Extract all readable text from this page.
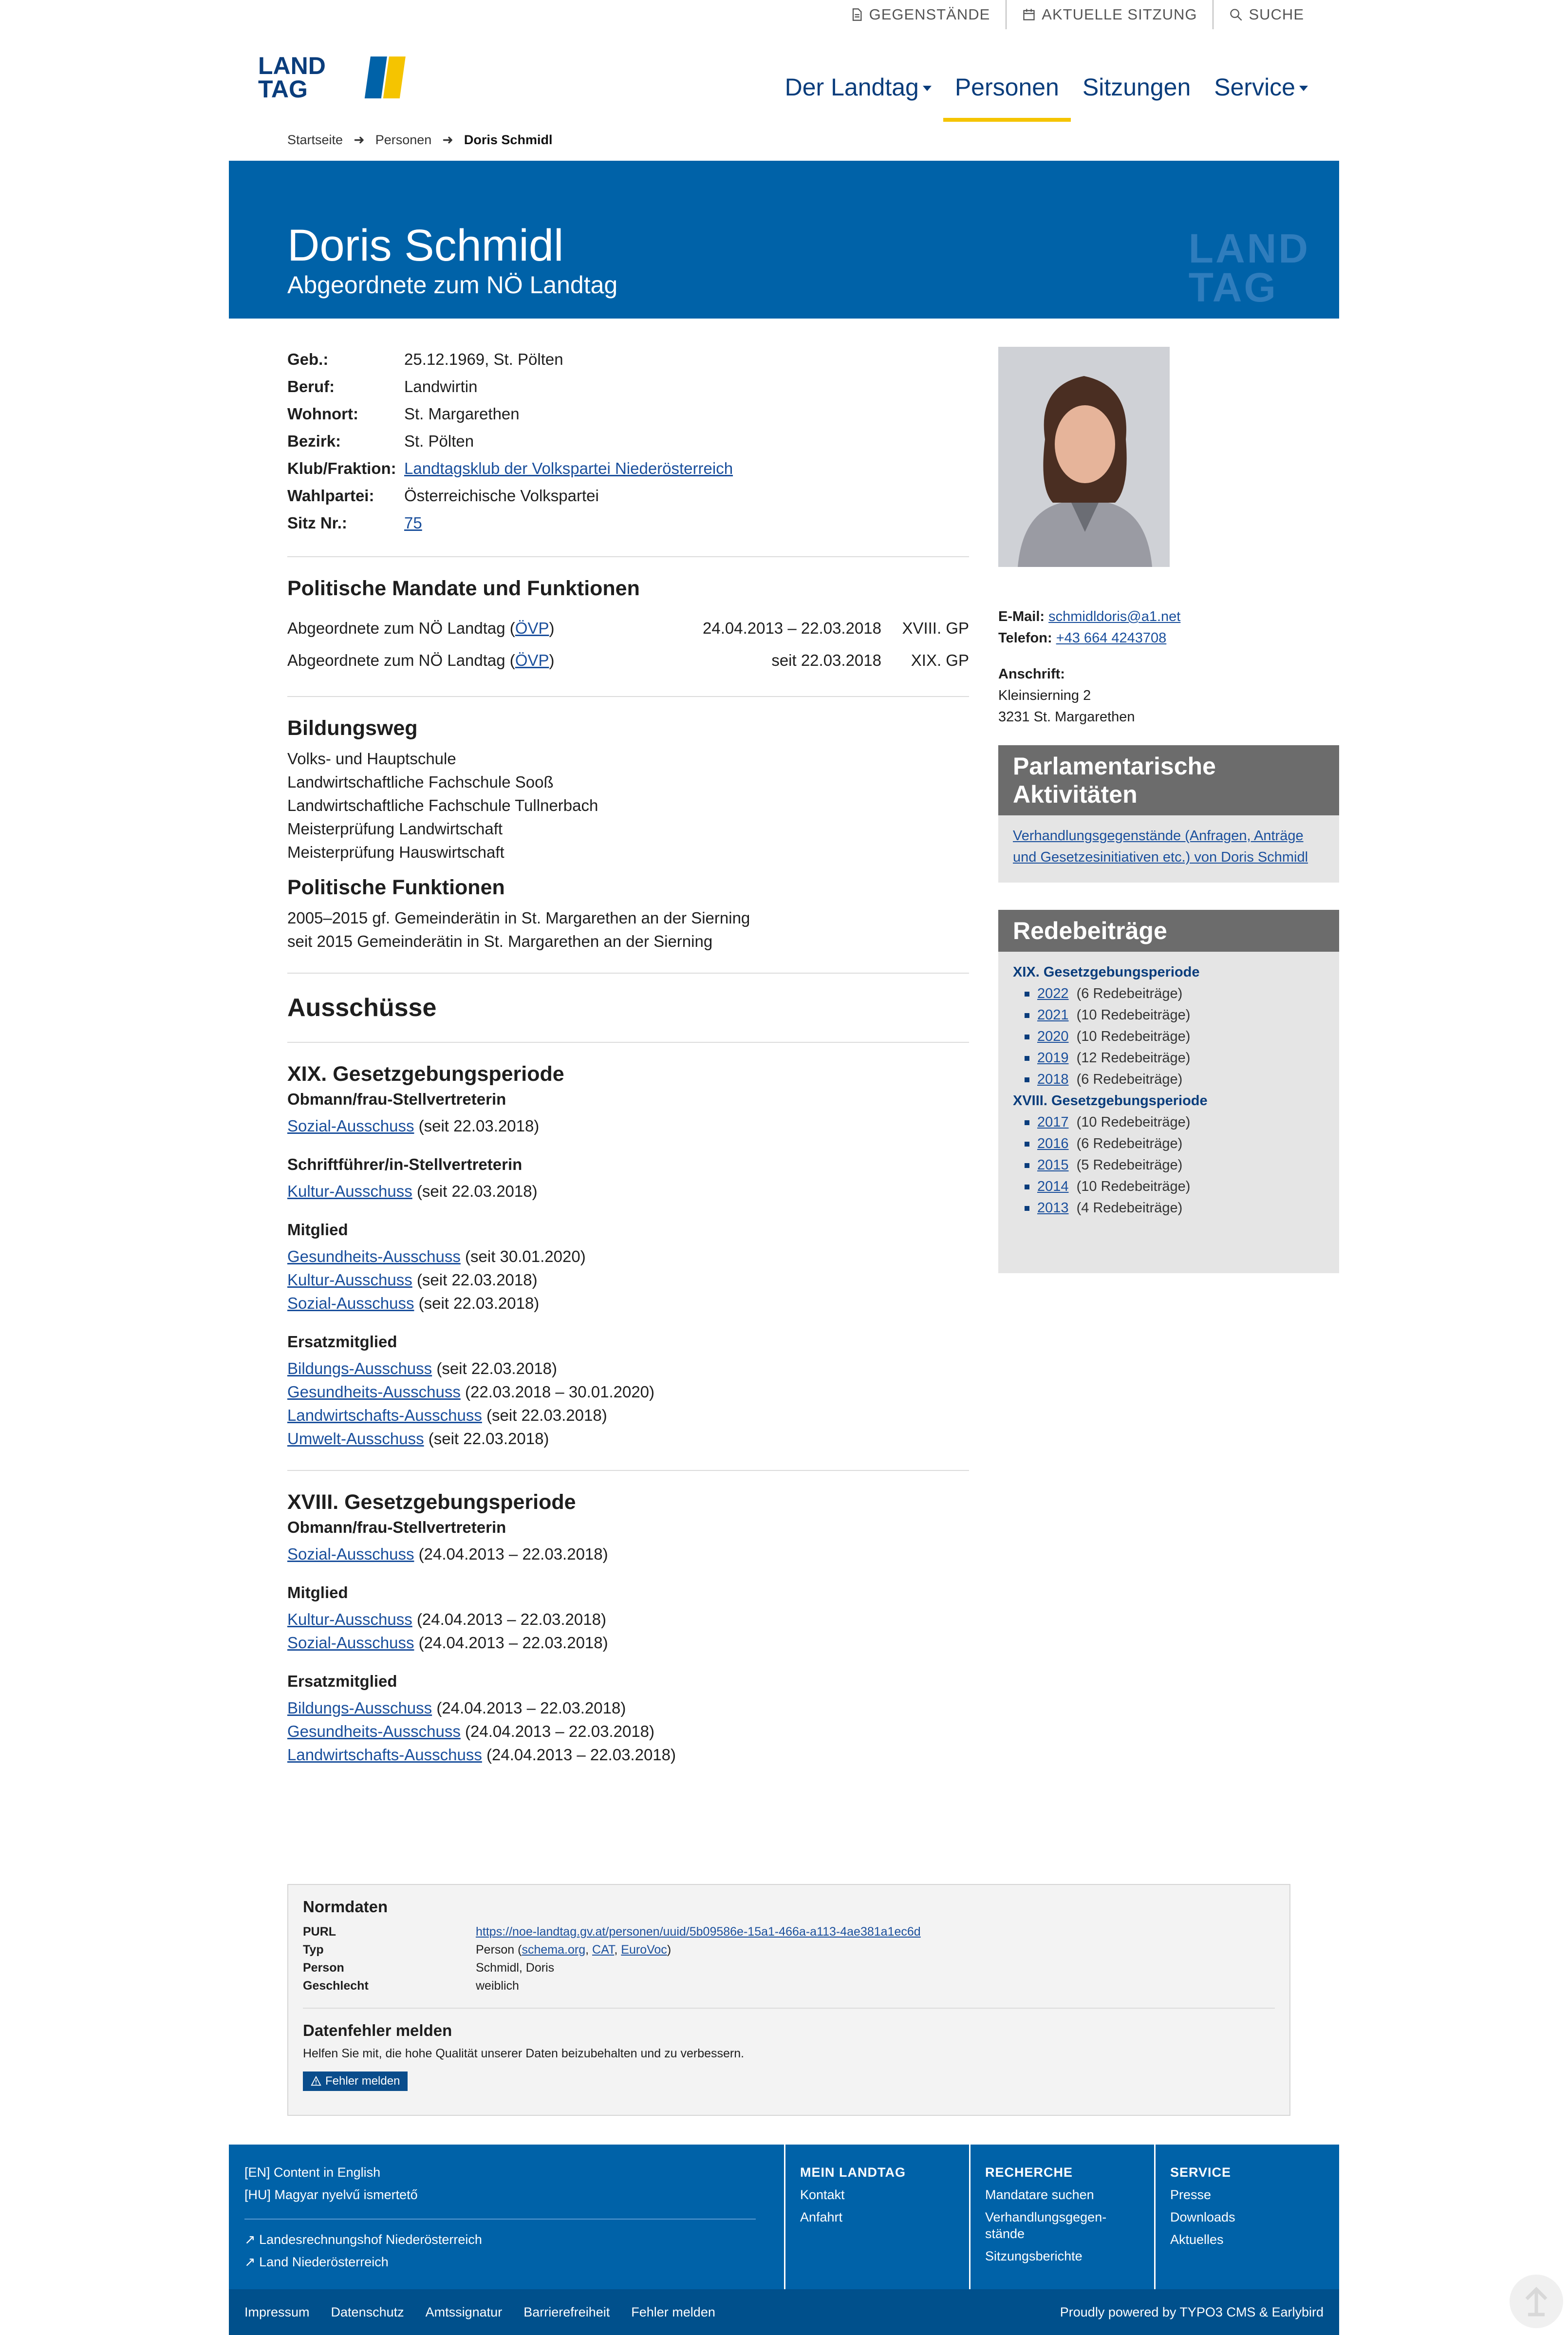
GEGENSTÄNDE	AKTUELLE SITZUNG	SUCHE
LAND
TAG	Der Landtag Personen Sitzungen Service
Startseite ➜ Personen ➜ Doris Schmidl
Doris Schmidl
Abgeordnete zum NÖ Landtag
LAND
TAG
Geb.:	25.12.1969, St. Pölten
Beruf:	Landwirtin
Wohnort:	St. Margarethen
Bezirk:	St. Pölten
Klub/Fraktion: Landtagsklub der Volkspartei Niederösterreich
Wahlpartei:	Österreichische Volkspartei
Sitz Nr.:	75
Politische Mandate und Funktionen
Abgeordnete zum NÖ Landtag (ÖVP)	24.04.2013 – 22.03.2018	XVIII. GP
Abgeordnete zum NÖ Landtag (ÖVP)	seit 22.03.2018	XIX. GP
Bildungsweg
Volks- und Hauptschule
Landwirtschaftliche Fachschule Sooß
Landwirtschaftliche Fachschule Tullnerbach
Meisterprüfung Landwirtschaft
Meisterprüfung Hauswirtschaft
Politische Funktionen
2005–2015 gf. Gemeinderätin in St. Margarethen an der Sierning
seit 2015 Gemeinderätin in St. Margarethen an der Sierning
Ausschüsse
XIX. Gesetzgebungsperiode
Obmann/frau-Stellvertreterin
Sozial-Ausschuss (seit 22.03.2018)
Schriftführer/in-Stellvertreterin
Kultur-Ausschuss (seit 22.03.2018)
Mitglied
Gesundheits-Ausschuss (seit 30.01.2020)
Kultur-Ausschuss (seit 22.03.2018)
Sozial-Ausschuss (seit 22.03.2018)
Ersatzmitglied
Bildungs-Ausschuss (seit 22.03.2018)
Gesundheits-Ausschuss (22.03.2018 – 30.01.2020)
Landwirtschafts-Ausschuss (seit 22.03.2018)
Umwelt-Ausschuss (seit 22.03.2018)
XVIII. Gesetzgebungsperiode
Obmann/frau-Stellvertreterin
Sozial-Ausschuss (24.04.2013 – 22.03.2018)
Mitglied
Kultur-Ausschuss (24.04.2013 – 22.03.2018)
Sozial-Ausschuss (24.04.2013 – 22.03.2018)
Ersatzmitglied
Bildungs-Ausschuss (24.04.2013 – 22.03.2018)
Gesundheits-Ausschuss (24.04.2013 – 22.03.2018)
Landwirtschafts-Ausschuss (24.04.2013 – 22.03.2018)
E-Mail: schmidldoris@a1.net
Telefon: +43 664 4243708
Anschrift:
Kleinsierning 2
3231 St. Margarethen
Parlamentarische Aktivitäten
Verhandlungsgegenstände (Anfragen, Anträge und Gesetzesinitiativen etc.) von Doris Schmidl
Redebeiträge
XIX. Gesetzgebungsperiode
2022 (6 Redebeiträge)
2021 (10 Redebeiträge)
2020 (10 Redebeiträge)
2019 (12 Redebeiträge)
2018 (6 Redebeiträge)
XVIII. Gesetzgebungsperiode
2017 (10 Redebeiträge)
2016 (6 Redebeiträge)
2015 (5 Redebeiträge)
2014 (10 Redebeiträge)
2013 (4 Redebeiträge)
Normdaten
PURL	https://noe-landtag.gv.at/personen/uuid/5b09586e-15a1-466a-a113-4ae381a1ec6d
Typ	Person (schema.org, CAT, EuroVoc)
Person	Schmidl, Doris
Geschlecht	weiblich
Datenfehler melden
Helfen Sie mit, die hohe Qualität unserer Daten beizubehalten und zu verbessern.
Fehler melden
[EN] Content in English
[HU] Magyar nyelvű ismertető
↗ Landesrechnungshof Niederösterreich
↗ Land Niederösterreich
MEIN LANDTAG
Kontakt
Anfahrt
RECHERCHE
Mandatare suchen
Verhandlungsgegen-stände
Sitzungsberichte
SERVICE
Presse
Downloads
Aktuelles
Impressum Datenschutz Amtssignatur Barrierefreiheit Fehler melden	Proudly powered by TYPO3 CMS & Earlybird
